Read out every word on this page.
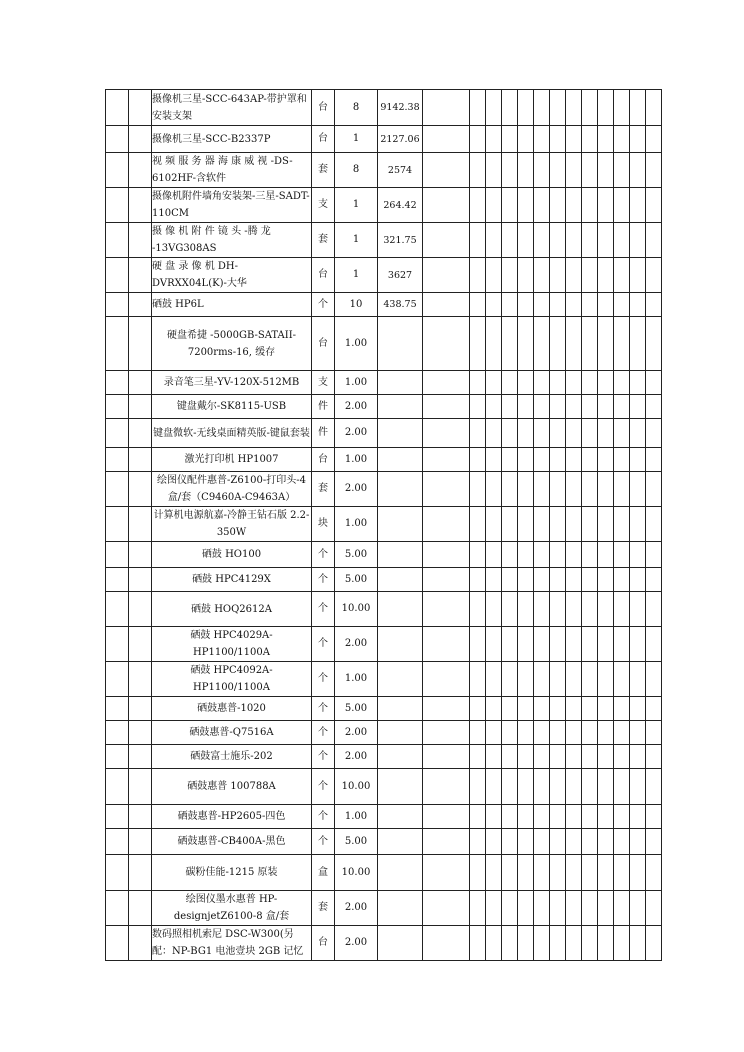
		摄像机三星-SCC-643AP-带护罩和安装支架	台	8	9142.38													
		摄像机三星-SCC-B2337P	台	1	2127.06													
		视 频 服 务 器 海 康 威 视 -DS-6102HF-含软件	套	8	2574													
		摄像机附件墙角安装架-三星-SADT-110CM	支	1	264.42													
		摄 像 机 附 件 镜 头 -腾 龙 -13VG308AS	套	1	321.75													
		硬 盘 录 像 机 DH-DVRXX04L(K)-大华	台	1	3627													
		硒鼓 HP6L	个	10	438.75													
		硬盘希捷 -5000GB-SATAII-7200rms-16, 缓存	台	1.00														
		录音笔三星-YV-120X-512MB	支	1.00														
		键盘戴尔-SK8115-USB	件	2.00														
		键盘微软-无线桌面精英版-键鼠套装	件	2.00														
		激光打印机 HP1007	台	1.00														
		绘图仪配件惠普-Z6100-打印头-4 盒/套（C9460A-C9463A）	套	2.00														
		计算机电源航嘉-冷静王钻石版 2.2-350W	块	1.00														
		硒鼓 HO100	个	5.00														
		硒鼓 HPC4129X	个	5.00														
		硒鼓 HOQ2612A	个	10.00														
		硒鼓 HPC4029A-HP1100/1100A	个	2.00														
		硒鼓 HPC4092A-HP1100/1100A	个	1.00														
		硒鼓惠普-1020	个	5.00														
		硒鼓惠普-Q7516A	个	2.00														
		硒鼓富士施乐-202	个	2.00														
		硒鼓惠普 100788A	个	10.00														
		硒鼓惠普-HP2605-四色	个	1.00														
		硒鼓惠普-CB400A-黑色	个	5.00														
		碳粉佳能-1215 原装	盒	10.00														
		绘图仪墨水惠普 HP-designjetZ6100-8 盒/套	套	2.00														
		数码照相机索尼 DSC-W300(另配：NP-BG1 电池壹块 2GB 记忆	台	2.00														
